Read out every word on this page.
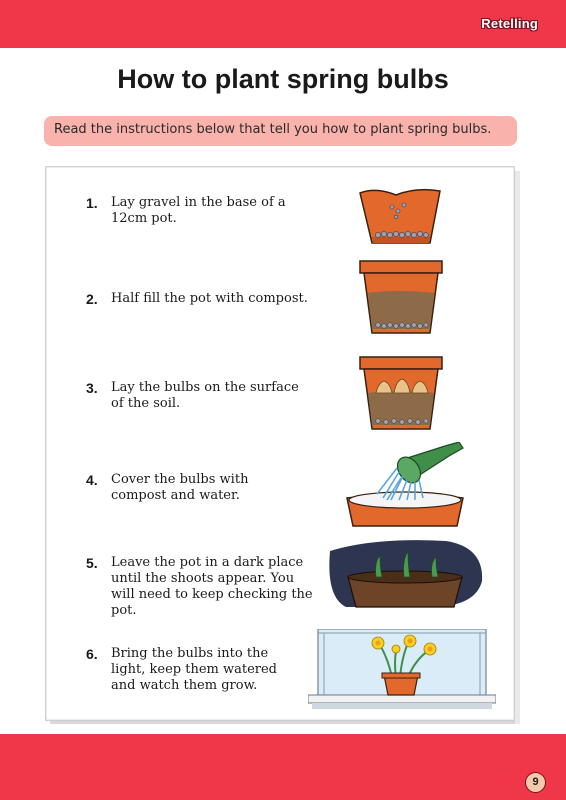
Retelling
How to plant spring bulbs
Read the instructions below that tell you how to plant spring bulbs.
1.	Lay gravel in the base of a 12cm pot.
2.	Half fill the pot with compost.
3.	Lay the bulbs on the surface of the soil.
4.	Cover the bulbs with compost and water.
5.	Leave the pot in a dark place until the shoots appear. You will need to keep checking the pot.
6.	Bring the bulbs into the light, keep them watered and watch them grow.
9
